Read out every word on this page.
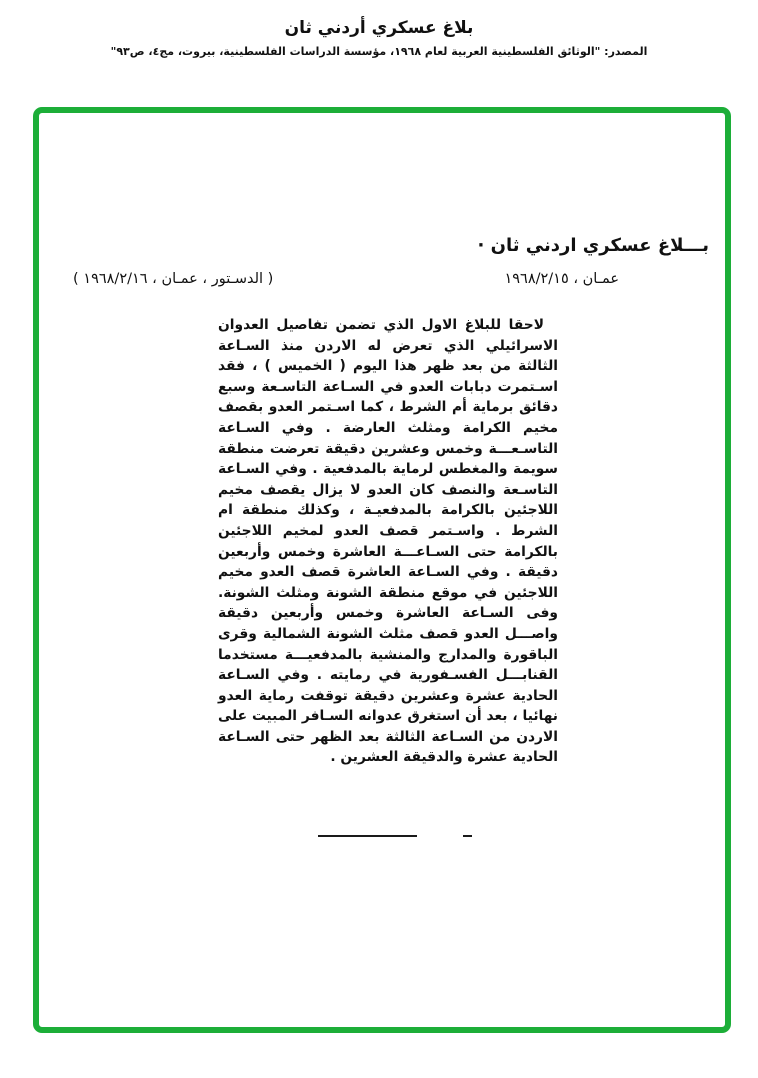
بلاغ عسكري أردني ثان
المصدر: "الوثائق الفلسطينية العربية لعام ١٩٦٨، مؤسسة الدراسات الفلسطينية، بيروت، مج٤، ص٩٣"
بـــلاغ عسكري اردني ثان ·
عمـان ، ١٩٦٨/٢/١٥
( الدسـتور ، عمـان ، ١٩٦٨/٢/١٦ )
لاحقا للبلاغ الاول الذي تضمن تفاصيل العدوان الاسرائيلي الذي تعرض له الاردن منذ السـاعة الثالثة من بعد ظهر هذا اليوم ( الخميس ) ، فقد اسـتمرت دبابات العدو في السـاعة التاسـعة وسبع دقائق برماية أم الشرط ، كما اسـتمر العدو بقصف مخيم الكرامة ومثلث العارضة . وفي السـاعة التاسـعـــة وخمس وعشرين دقيقة تعرضت منطقة سويمة والمغطس لرماية بالمدفعية . وفي السـاعة التاسـعة والنصف كان العدو لا يزال يقصف مخيم اللاجئين بالكرامة بالمدفعيـة ، وكذلك منطقة ام الشرط . واسـتمر قصف العدو لمخيم اللاجئين بالكرامة حتى السـاعـــة العاشرة وخمس وأربعين دقيقة . وفي السـاعة العاشرة قصف العدو مخيم اللاجئين في موقع منطقة الشونة ومثلث الشونة. وفى السـاعة العاشرة وخمس وأربعين دقيقة واصـــل العدو قصف مثلث الشونة الشمالية وقرى الباقورة والمدارج والمنشية بالمدفعيـــة مستخدما القنابـــل الفسـفورية في رمايته . وفي السـاعة الحادية عشرة وعشرين دقيقة توقفت رماية العدو نهائيا ، بعد أن استغرق عدوانه السـافر المبيت على الاردن من السـاعة الثالثة بعد الظهر حتى السـاعة الحادية عشرة والدقيقة العشرين .
